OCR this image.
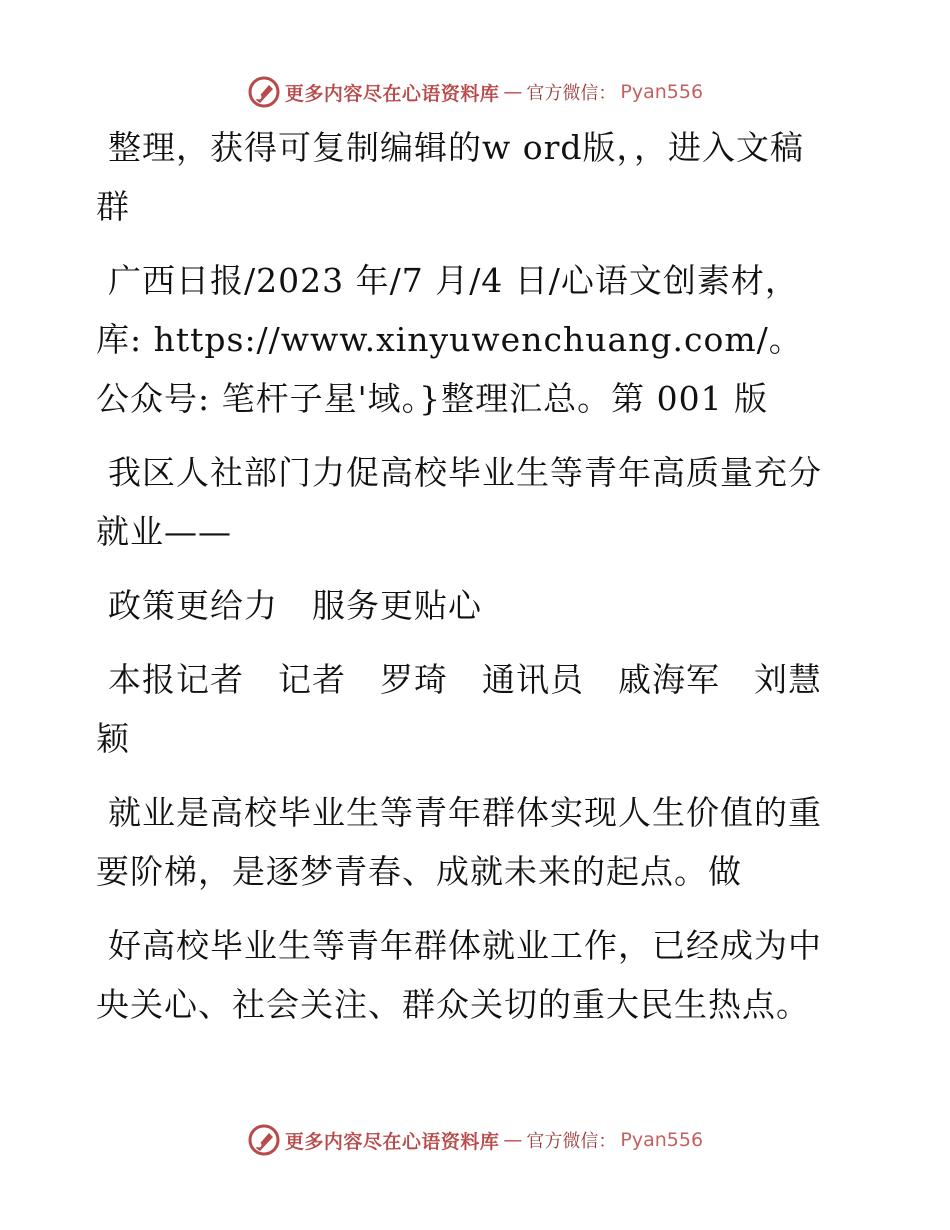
更多内容尽在心语资料库 — 官方微信： Pyan556

整理，获得可复制编辑的w ord版，，进入文稿群

广西日报/2023 年/7 月/4 日/心语文创素材，库: https://www.xinyuwenchuang.com/。公众号: 笔杆子星'域。}整理汇总。第 001 版

我区人社部门力促高校毕业生等青年高质量充分就业——

政策更给力　服务更贴心

本报记者　记者　罗琦　通讯员　戚海军　刘慧颖

就业是高校毕业生等青年群体实现人生价值的重要阶梯，是逐梦青春、成就未来的起点。做

好高校毕业生等青年群体就业工作，已经成为中央关心、社会关注、群众关切的重大民生热点。

更多内容尽在心语资料库 — 官方微信： Pyan556
